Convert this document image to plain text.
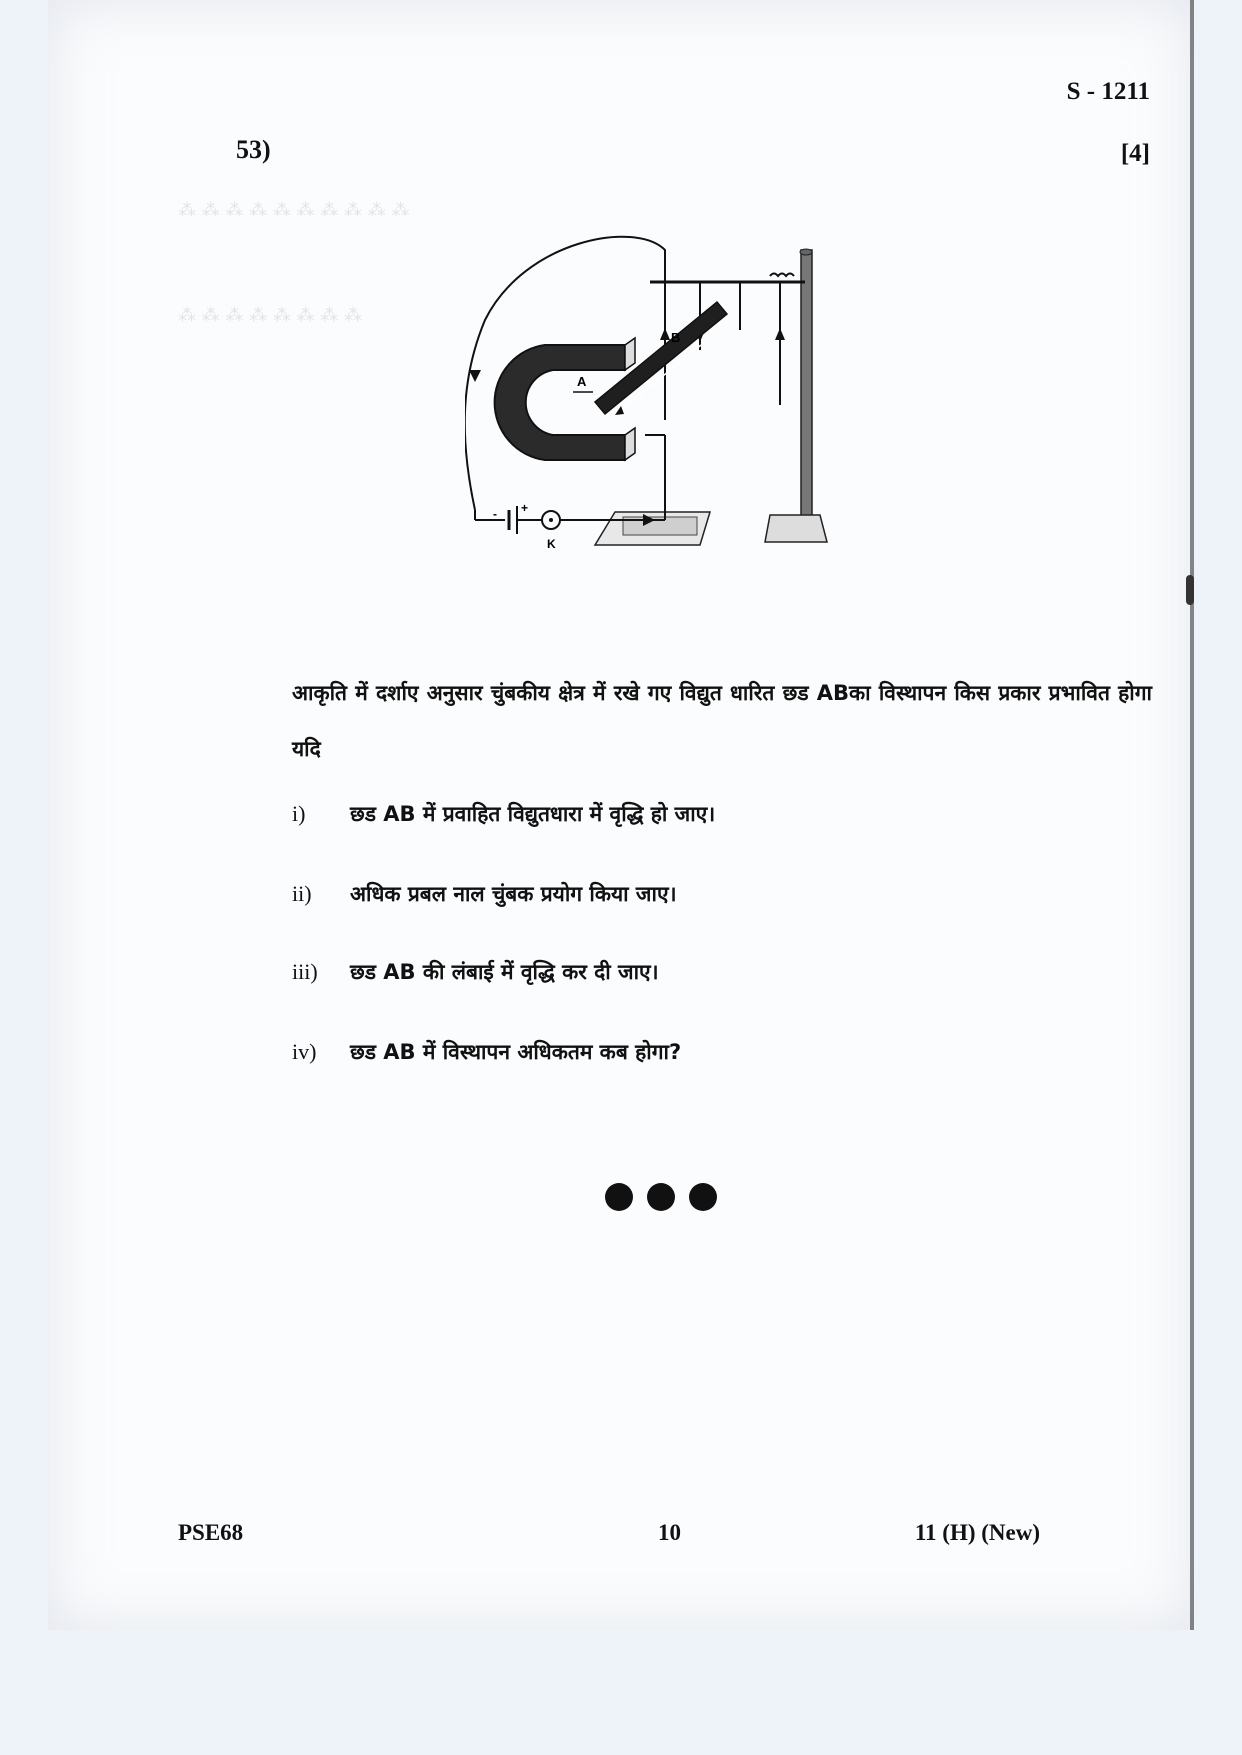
⁂ ⁂ ⁂ ⁂ ⁂ ⁂ ⁂ ⁂ ⁂ ⁂
⁂ ⁂ ⁂ ⁂ ⁂ ⁂ ⁂ ⁂
S - 1211
53)	[4]
A
B
- +
K
आकृति में दर्शाए अनुसार चुंबकीय क्षेत्र में रखे गए विद्युत धारित छड ABका विस्थापन किस प्रकार प्रभावित होगा यदि
i) छड AB में प्रवाहित विद्युतधारा में वृद्धि हो जाए।
ii) अधिक प्रबल नाल चुंबक प्रयोग किया जाए।
iii) छड AB की लंबाई में वृद्धि कर दी जाए।
iv) छड AB में विस्थापन अधिकतम कब होगा?
PSE68	10	11 (H) (New)
